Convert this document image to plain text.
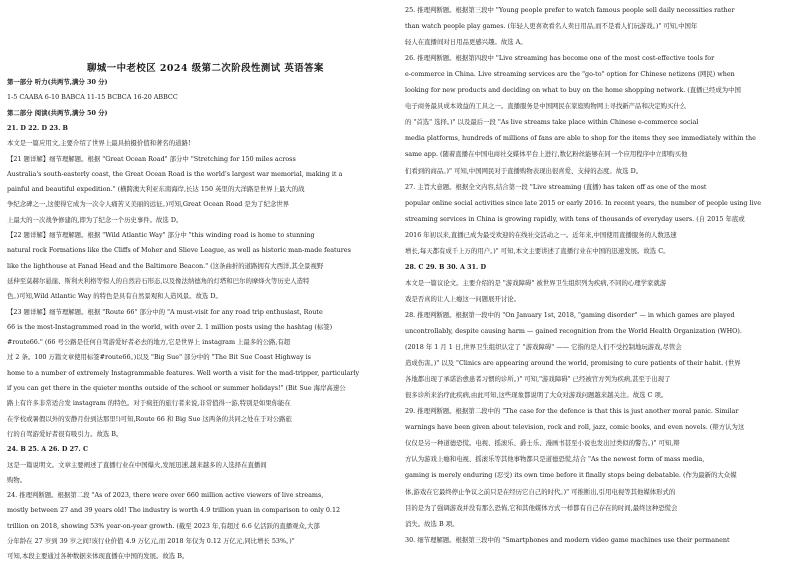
聊城一中老校区 2024 级第二次阶段性测试 英语答案
第一部分 听力(共两节,满分 30 分)
1-5 CAABA 6-10 BABCA 11-15 BCBCA 16-20 ABBCC
第二部分 阅读(共两节,满分 50 分)
21. D 22. D 23. B
本文是一篇应用文,主要介绍了世界上最具拍摄价值和著名的道路!
【21 题详解】细节理解题。根据 "Great Ocean Road" 部分中 "Stretching for 150 miles across
Australia's south-easterly coast, the Great Ocean Road is the world's largest war memorial, making it a
painful and beautiful expedition." (横跨澳大利亚东南海岸,长达 150 英里的大洋路是世界上最大的战
争纪念碑之一,这使得它成为一次令人痛苦又美丽的远征。)可知,Great Ocean Road 是为了纪念世界
上最大的一次战争修建的,即为了纪念一个历史事件。故选 D。
【22 题详解】细节理解题。根据 "Wild Atlantic Way" 部分中 "this winding road is home to stunning
natural rock Formations like the Cliffs of Moher and Slieve League, as well as historic man-made features
like the lighthouse at Fanad Head and the Baltimore Beacon." (这条曲折的道路拥有大西洋,其全景视野
延伸至莫赫尔悬崖、斯利夫利格等惊人的自然岩石形态,以及像法纳德角的灯塔和巴尔的摩烽火等历史人造特
色。)可知,Wild Atlantic Way 的特色是具有自然景观和人造风景。故选 D。
【23 题详解】细节理解题。根据 "Route 66" 部分中的 "A must-visit for any road trip enthusiast, Route
66 is the most-Instagrammed road in the world, with over 2. 1 million posts using the hashtag (标签)
#route66." (66 号公路是任何自驾游爱好者必去的地方,它是世界上 instagram 上最多的公路,有超
过 2 条。100 万篇文章使用标签#route66。)以及 "Big Sue" 部分中的 "The Bit Sue Coast Highway is
home to a number of extremely Instagrammable features. Well worth a visit for the mad-tripper, particularly
if you can get there in the quieter months outside of the school or summer holidays!" (Bit Sue 海岸高速公
路上有许多非常适合发 instagram 的特色。对于疯狂的旅行者来说,非常值得一游,特别是如果你能在
在学校或暑假以外的安静月份到达那里!)可知,Route 66 和 Big Sue 这两条的共同之处在于对公路旅
行的自驾游爱好者很有吸引力。故选 B。
24. B 25. A 26. D 27. C
这是一篇说明文。文章主要阐述了直播行业在中国爆火,发展迅速,越来越多的人选择在直播间
购物。
24. 推理判断题。根据第二段 "As of 2023, there were over 660 million active viewers of live streams,
mostly between 27 and 39 years old! The industry is worth 4.9 trillion yuan in comparison to only 0.12
trillion on 2018, showing 53% year-on-year growth. (截至 2023 年,有超过 6.6 亿活跃的直播观众,大部
分年龄在 27 岁到 39 岁之间!该行业价值 4.9 万亿元,而 2018 年仅为 0.12 万亿元,同比增长 53%。)"
可知,本段主要通过各种数据来体现直播在中国的发展。故选 B。
25. 推理判断题。根据第三段中 "Young people prefer to watch famous people sell daily necessities rather
than watch people play games. (年轻人更喜欢看名人卖日用品,而不是看人们玩游戏。)" 可知,中国年
轻人在直播间对日用品更感兴趣。故选 A。
26. 推理判断题。根据第四段中 "Live streaming has become one of the most cost-effective tools for
e-commerce in China. Live streaming services are the "go-to" option for Chinese netizens (网民) when
looking for new products and deciding on what to buy on the home shopping network. (直播已经成为中国
电子商务最具成本效益的工具之一。直播服务是中国网民在家庭购物网上寻找新产品和决定购买什么
的 "首选" 选择。)" 以及最后一段 "As live streams take place within Chinese e-commerce social
media platforms, hundreds of millions of fans are able to shop for the items they see immediately within the
same app. (随着直播在中国电商社交媒体平台上进行,数亿粉丝能够在同一个应用程序中立即购买他
们看到的商品。)" 可知,中国网民对于直播购物表现出很喜爱、支持的态度。故选 D。
27. 主旨大意题。根据全文内容,结合第一段 "Live streaming (直播) has taken off as one of the most
popular online social activities since late 2015 or early 2016. In recent years, the number of people using live
streaming services in China is growing rapidly, with tens of thousands of everyday users. (自 2015 年底或
2016 年初以来,直播已成为最受欢迎的在线社交活动之一。近年来,中国使用直播服务的人数迅速
增长,每天都有成千上万的用户。)" 可知,本文主要讲述了直播行业在中国的迅速发展。故选 C。
28. C 29. B 30. A 31. D
本文是一篇议论文。主要介绍的是 "游戏障碍" 被世界卫生组织列为疾病,不同的心理学家就游
戏是否真的让人上瘾这一问题展开讨论。
28. 推理判断题。根据第一段中的 "On January 1st, 2018, "gaming disorder" — in which games are played
uncontrollably, despite causing harm — gained recognition from the World Health Organization (WHO).
(2018 年 1 月 1 日,世界卫生组织认定了 "游戏障碍" —— 它指的是人们不受控制地玩游戏,尽管会
造成伤害。)" 以及 "Clinics are appearing around the world, promising to cure patients of their habit. (世界
各地都出现了承诺治愈患者习惯的诊所。)" 可知,"游戏障碍" 已经被官方列为疾病,甚至于出现了
很多诊所来治疗此疾病,由此可知,这些现象都说明了大众对游戏问题越来越关注。故选 C 项。
29. 推理判断题。根据第二段中的 "The case for the defence is that this is just another moral panic. Similar
warnings have been given about television, rock and roll, jazz, comic books, and even novels. (辩方认为这
仅仅是另一种道德恐慌。电视、摇滚乐、爵士乐、漫画书甚至小说也发出过类似的警告。)" 可知,辩
方认为游戏上瘾和电视、摇滚乐等其他事物都只是道德恐慌,结合 "As the newest form of mass media,
gaming is merely enduring (忍受) its own time before it finally stops being debatable. (作为最新的大众媒
体,游戏在它最终停止争议之前只是在经历它自己的时代。)" 可推断出,引用电视等其他媒体形式的
目的是为了强调游戏并没有那么恐怖,它和其他媒体方式一样都有自己存在的时间,最终这种恐慌会
消失。故选 B 项。
30. 细节理解题。根据第三段中的 "Smartphones and modern video game machines use their permanent
